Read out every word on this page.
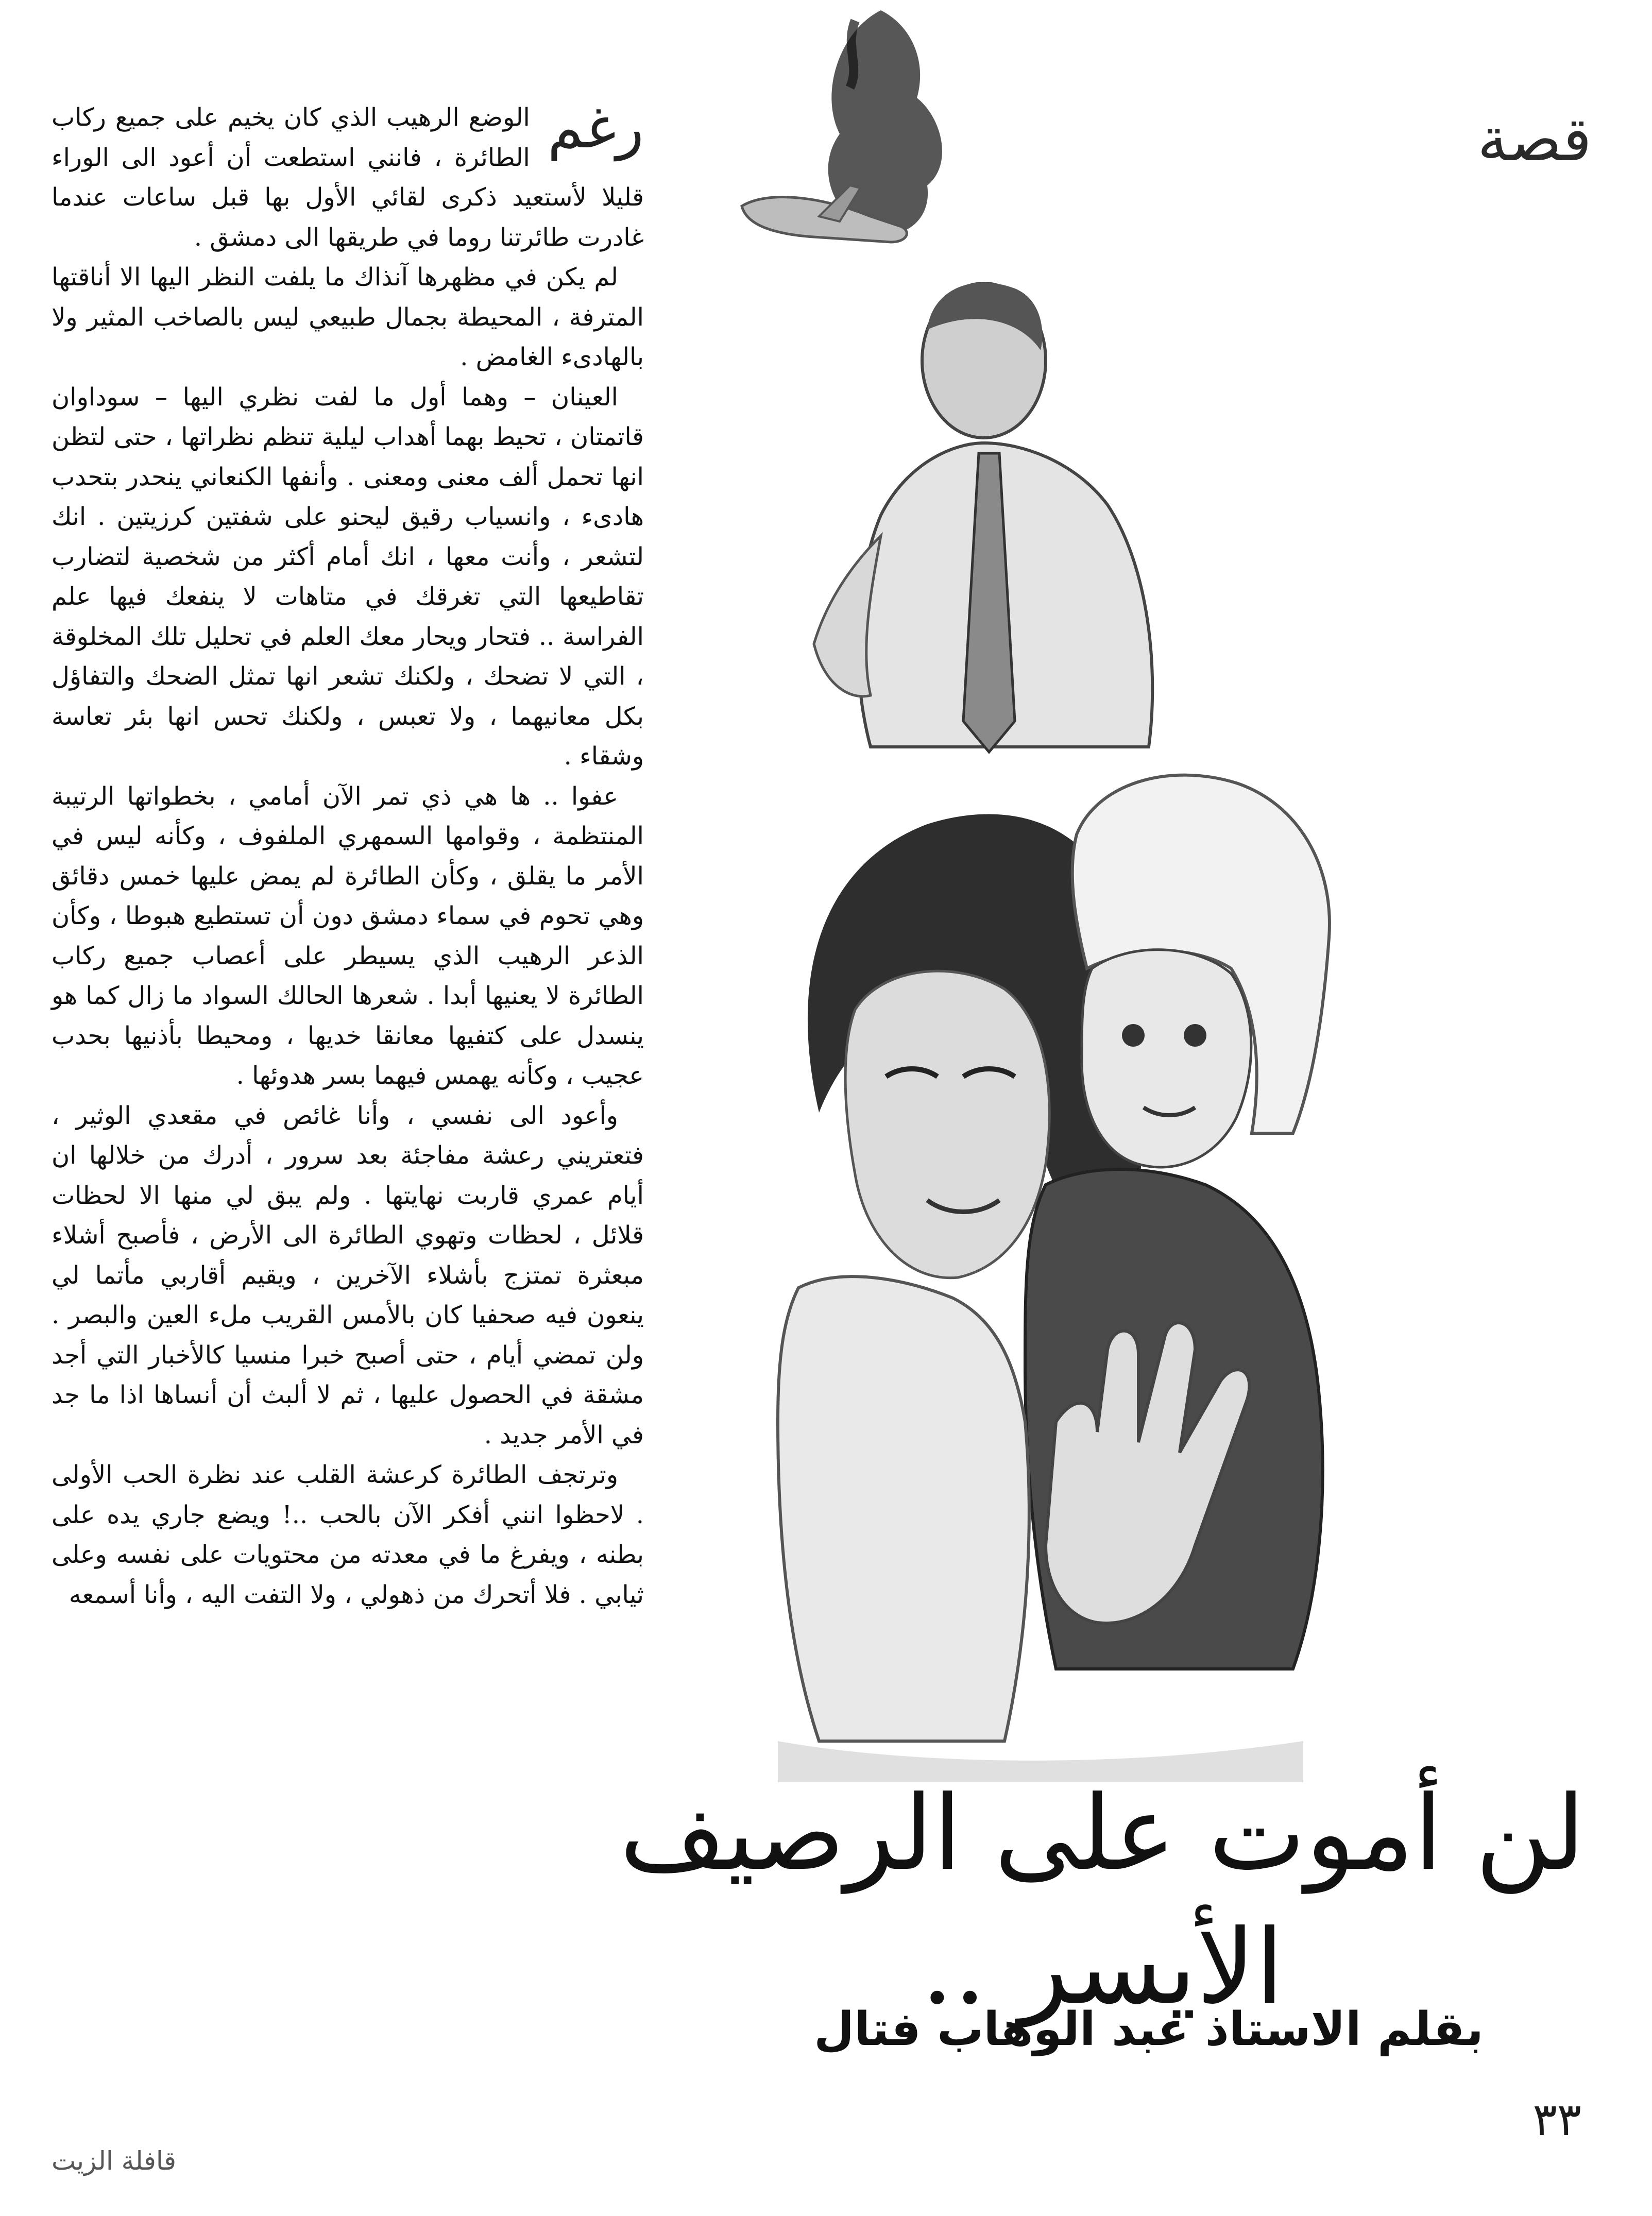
قصة

رغم
الوضع الرهيب الذي كان يخيم على جميع ركاب الطائرة ، فانني استطعت أن أعود الى الوراء قليلا لأستعيد ذكرى لقائي الأول بها قبل ساعات عندما غادرت طائرتنا روما في طريقها الى دمشق .

لم يكن في مظهرها آنذاك ما يلفت النظر اليها الا أناقتها المترفة ، المحيطة بجمال طبيعي ليس بالصاخب المثير ولا بالهادىء الغامض .

العينان – وهما أول ما لفت نظري اليها – سوداوان قاتمتان ، تحيط بهما أهداب ليلية تنظم نظراتها ، حتى لتظن انها تحمل ألف معنى ومعنى . وأنفها الكنعاني ينحدر بتحدب هادىء ، وانسياب رقيق ليحنو على شفتين كرزيتين . انك لتشعر ، وأنت معها ، انك أمام أكثر من شخصية لتضارب تقاطيعها التي تغرقك في متاهات لا ينفعك فيها علم الفراسة .. فتحار ويحار معك العلم في تحليل تلك المخلوقة ، التي لا تضحك ، ولكنك تشعر انها تمثل الضحك والتفاؤل بكل معانيهما ، ولا تعبس ، ولكنك تحس انها بئر تعاسة وشقاء .

عفوا .. ها هي ذي تمر الآن أمامي ، بخطواتها الرتيبة المنتظمة ، وقوامها السمهري الملفوف ، وكأنه ليس في الأمر ما يقلق ، وكأن الطائرة لم يمض عليها خمس دقائق وهي تحوم في سماء دمشق دون أن تستطيع هبوطا ، وكأن الذعر الرهيب الذي يسيطر على أعصاب جميع ركاب الطائرة لا يعنيها أبدا . شعرها الحالك السواد ما زال كما هو ينسدل على كتفيها معانقا خديها ، ومحيطا بأذنيها بحدب عجيب ، وكأنه يهمس فيهما بسر هدوئها .

وأعود الى نفسي ، وأنا غائص في مقعدي الوثير ، فتعتريني رعشة مفاجئة بعد سرور ، أدرك من خلالها ان أيام عمري قاربت نهايتها . ولم يبق لي منها الا لحظات قلائل ، لحظات وتهوي الطائرة الى الأرض ، فأصبح أشلاء مبعثرة تمتزج بأشلاء الآخرين ، ويقيم أقاربي مأتما لي ينعون فيه صحفيا كان بالأمس القريب ملء العين والبصر . ولن تمضي أيام ، حتى أصبح خبرا منسيا كالأخبار التي أجد مشقة في الحصول عليها ، ثم لا ألبث أن أنساها اذا ما جد في الأمر جديد .

وترتجف الطائرة كرعشة القلب عند نظرة الحب الأولى . لاحظوا انني أفكر الآن بالحب ..! ويضع جاري يده على بطنه ، ويفرغ ما في معدته من محتويات على نفسه وعلى ثيابي . فلا أتحرك من ذهولي ، ولا التفت اليه ، وأنا أسمعه

لن أموت على الرصيف الأيسر ..
بقلم الاستاذ عبد الوهاب فتال
٣٣
قافلة الزيت
